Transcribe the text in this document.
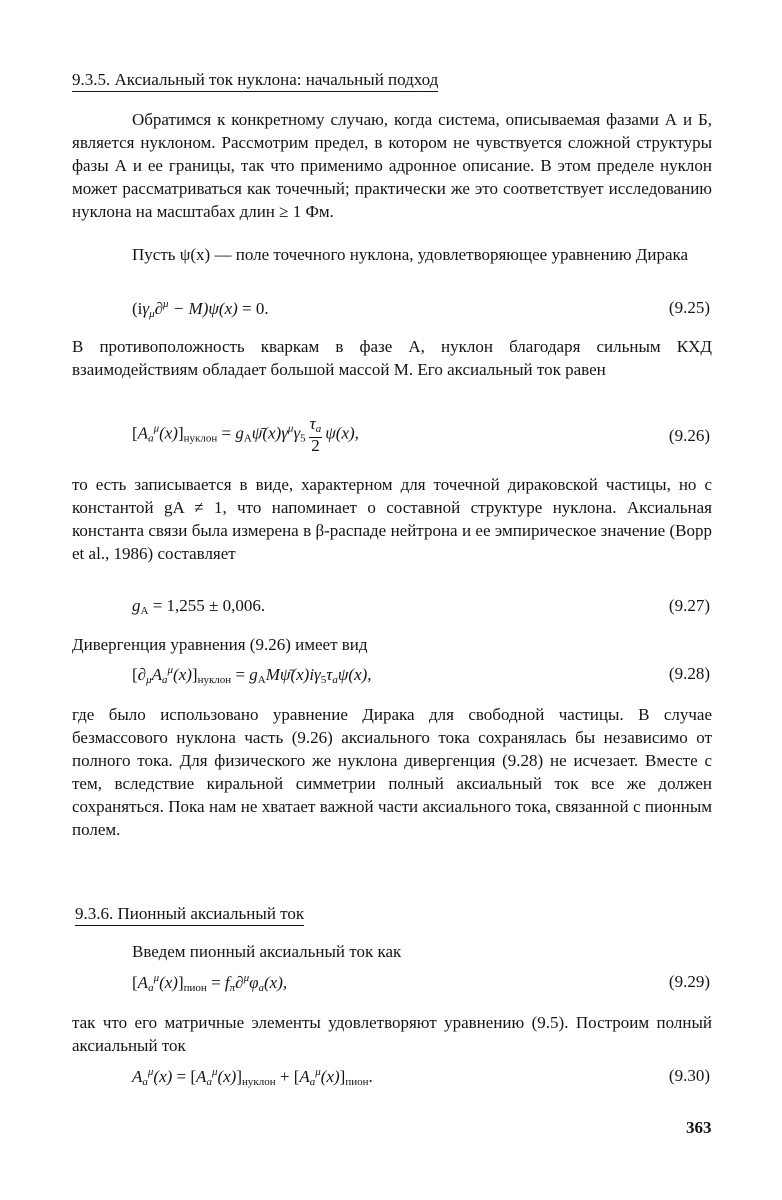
9.3.5. Аксиальный ток нуклона: начальный подход
Обратимся к конкретному случаю, когда система, описываемая фазами А и Б, является нуклоном. Рассмотрим предел, в котором не чувствуется сложной структуры фазы А и ее границы, так что применимо адронное описание. В этом пределе нуклон может рассматриваться как точечный; практически же это соответствует исследованию нуклона на масштабах длин ≥ 1 Фм.
Пусть ψ(x) — поле точечного нуклона, удовлетворяющее уравнению Дирака
(iγμ∂$^\mu$ − M)ψ(x) = 0.	(9.25)
В противоположность кваркам в фазе А, нуклон благодаря сильным КХД взаимодействиям обладает большой массой M. Его аксиальный ток равен
$[Aa^\mu(x)]_{нуклон}$ = $g_A\psī(x)\gamma^\mu\gamma_5 \frac{\tau a}{2} \psi(x)$,	(9.26)
то есть записывается в виде, характерном для точечной дираковской частицы, но с константой gA ≠ 1, что напоминает о составной структуре нуклона. Аксиальная константа связи была измерена в β-распаде нейтрона и ее эмпирическое значение (Bopp et al., 1986) составляет
$g_A = 1,255 \pm 0,006$.	(9.27)
Дивергенция уравнения (9.26) имеет вид
$[\partial\mu Aa^\mu(x)]_{нуклон}$ = $g_AM\psī(x)i\gamma_5\tau a\psi(x)$,	(9.28)
где было использовано уравнение Дирака для свободной частицы. В случае безмассового нуклона часть (9.26) аксиального тока сохранялась бы независимо от полного тока. Для физического же нуклона дивергенция (9.28) не исчезает. Вместе с тем, вследствие киральной симметрии полный аксиальный ток все же должен сохраняться. Пока нам не хватает важной части аксиального тока, связанной с пионным полем.
9.3.6. Пионный аксиальный ток
Введем пионный аксиальный ток как
$[Aa^\mu(x)]_{пион} = f\pi\partial^\mu\varphi a(x)$,	(9.29)
так что его матричные элементы удовлетворяют уравнению (9.5). Построим полный аксиальный ток
$Aa^\mu(x) = [Aa^\mu(x)]_{нуклон} + [Aa^\mu(x)]_{пион}$.	(9.30)
363
